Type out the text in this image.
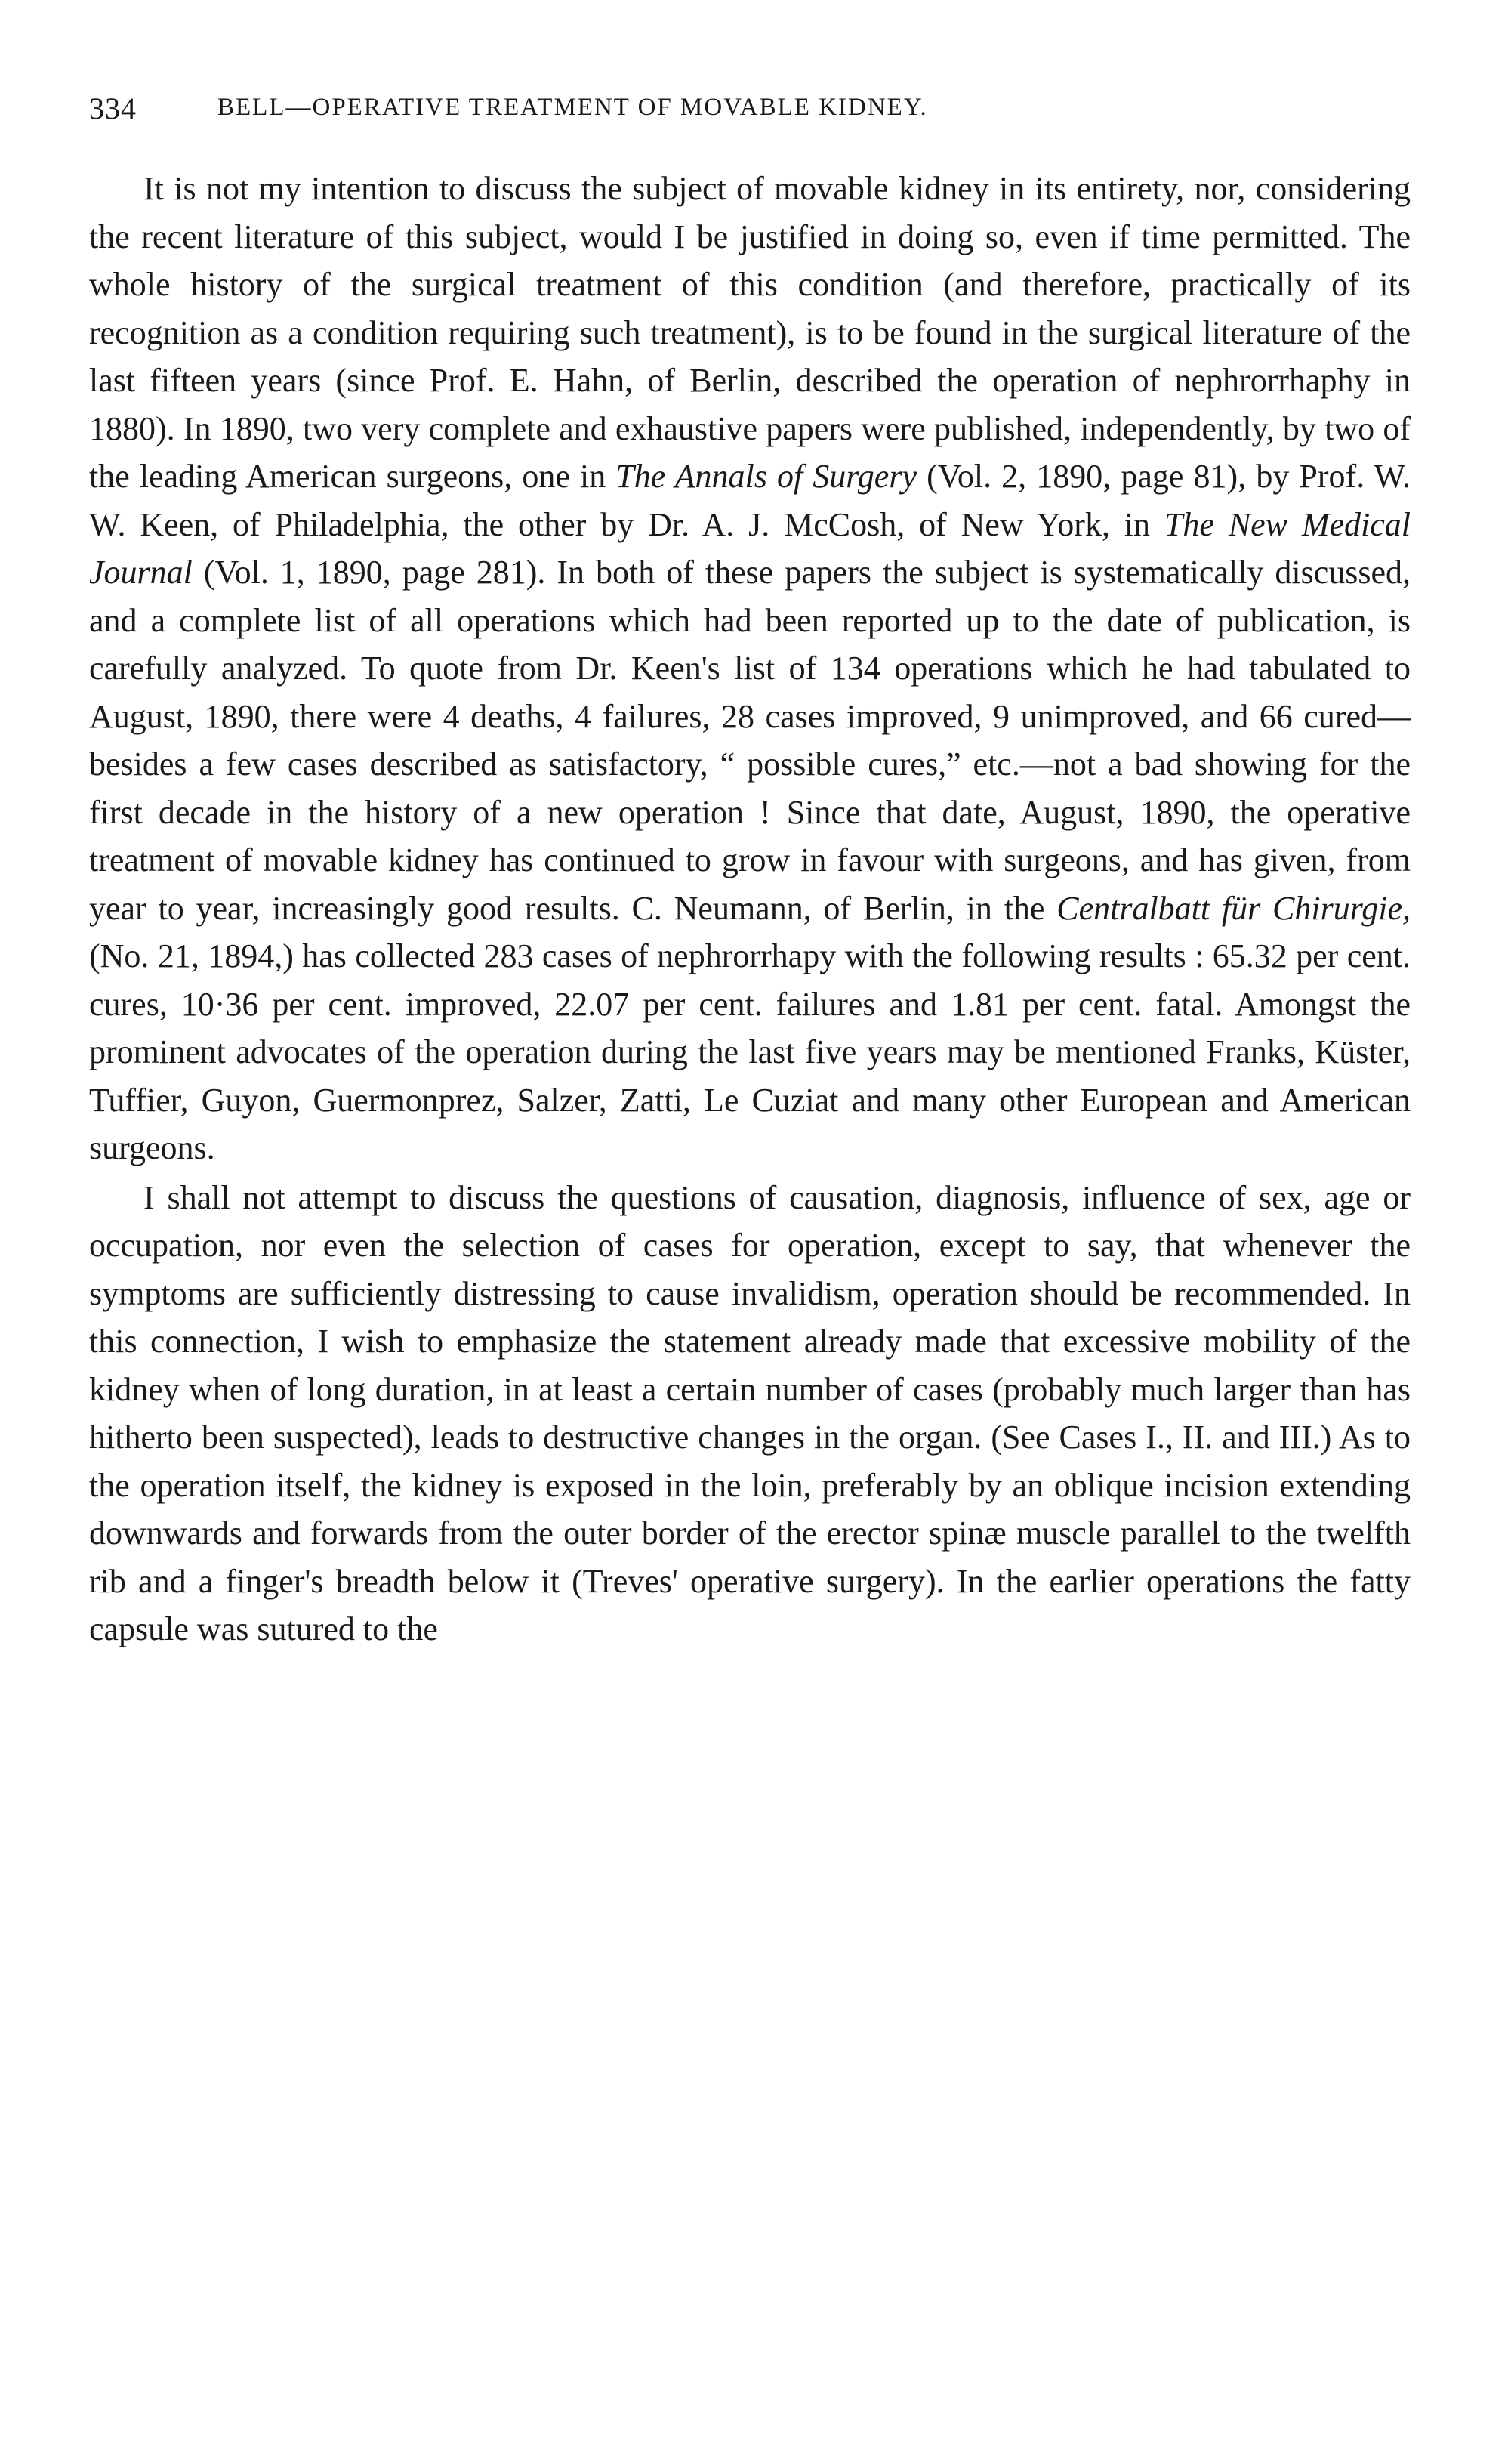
334	BELL—OPERATIVE TREATMENT OF MOVABLE KIDNEY.

It is not my intention to discuss the subject of movable kidney in its entirety, nor, considering the recent literature of this subject, would I be justified in doing so, even if time permitted. The whole history of the surgical treatment of this condition (and therefore, practically of its recognition as a condition requiring such treatment), is to be found in the surgical literature of the last fifteen years (since Prof. E. Hahn, of Berlin, described the operation of nephrorrhaphy in 1880). In 1890, two very complete and exhaustive papers were published, independently, by two of the leading American surgeons, one in The Annals of Surgery (Vol. 2, 1890, page 81), by Prof. W. W. Keen, of Philadelphia, the other by Dr. A. J. McCosh, of New York, in The New Medical Journal (Vol. 1, 1890, page 281). In both of these papers the subject is systematically discussed, and a complete list of all operations which had been reported up to the date of publication, is carefully analyzed. To quote from Dr. Keen's list of 134 operations which he had tabulated to August, 1890, there were 4 deaths, 4 failures, 28 cases improved, 9 unimproved, and 66 cured—besides a few cases described as satisfactory, “ possible cures,” etc.—not a bad showing for the first decade in the history of a new operation ! Since that date, August, 1890, the operative treatment of movable kidney has continued to grow in favour with surgeons, and has given, from year to year, increasingly good results. C. Neumann, of Berlin, in the Centralbatt für Chirurgie, (No. 21, 1894,) has collected 283 cases of nephrorrhapy with the following results : 65.32 per cent. cures, 10·36 per cent. improved, 22.07 per cent. failures and 1.81 per cent. fatal. Amongst the prominent advocates of the operation during the last five years may be mentioned Franks, Küster, Tuffier, Guyon, Guermonprez, Salzer, Zatti, Le Cuziat and many other European and American surgeons.

I shall not attempt to discuss the questions of causation, diagnosis, influence of sex, age or occupation, nor even the selection of cases for operation, except to say, that whenever the symptoms are sufficiently distressing to cause invalidism, operation should be recommended. In this connection, I wish to emphasize the statement already made that excessive mobility of the kidney when of long duration, in at least a certain number of cases (probably much larger than has hitherto been suspected), leads to destructive changes in the organ. (See Cases I., II. and III.) As to the operation itself, the kidney is exposed in the loin, preferably by an oblique incision extending downwards and forwards from the outer border of the erector spinæ muscle parallel to the twelfth rib and a finger's breadth below it (Treves' operative surgery). In the earlier operations the fatty capsule was sutured to the
